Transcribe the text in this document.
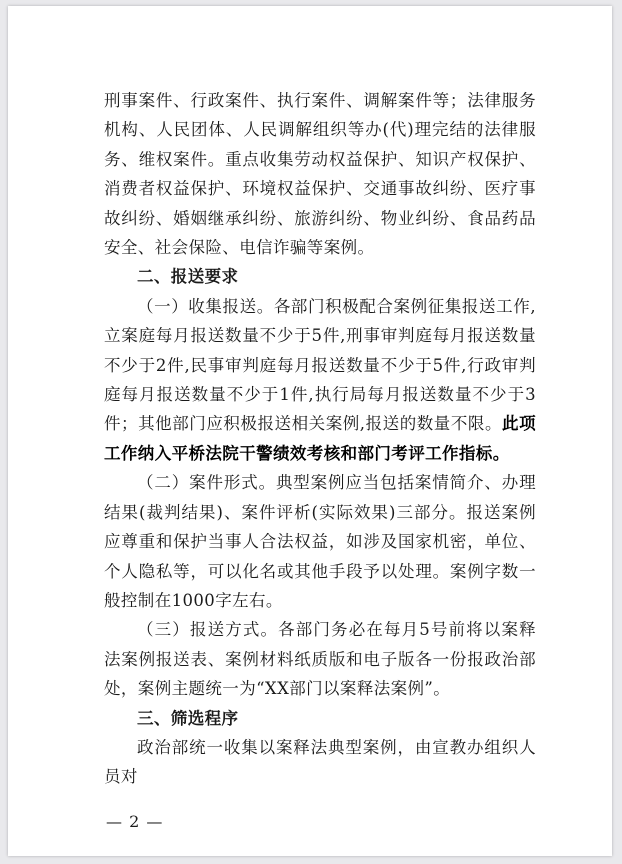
刑事案件、行政案件、执行案件、调解案件等；法律服务机构、人民团体、人民调解组织等办(代)理完结的法律服务、维权案件。重点收集劳动权益保护、知识产权保护、消费者权益保护、环境权益保护、交通事故纠纷、医疗事故纠纷、婚姻继承纠纷、旅游纠纷、物业纠纷、食品药品安全、社会保险、电信诈骗等案例。

二、报送要求

（一）收集报送。各部门积极配合案例征集报送工作,立案庭每月报送数量不少于5件,刑事审判庭每月报送数量不少于2件,民事审判庭每月报送数量不少于5件,行政审判庭每月报送数量不少于1件,执行局每月报送数量不少于3件；其他部门应积极报送相关案例,报送的数量不限。此项工作纳入平桥法院干警绩效考核和部门考评工作指标。

（二）案件形式。典型案例应当包括案情简介、办理结果(裁判结果)、案件评析(实际效果)三部分。报送案例应尊重和保护当事人合法权益，如涉及国家机密，单位、个人隐私等，可以化名或其他手段予以处理。案例字数一般控制在1000字左右。

（三）报送方式。各部门务必在每月5号前将以案释法案例报送表、案例材料纸质版和电子版各一份报政治部处，案例主题统一为“XX部门以案释法案例”。

三、筛选程序

政治部统一收集以案释法典型案例，由宣教办组织人员对

— 2 —
